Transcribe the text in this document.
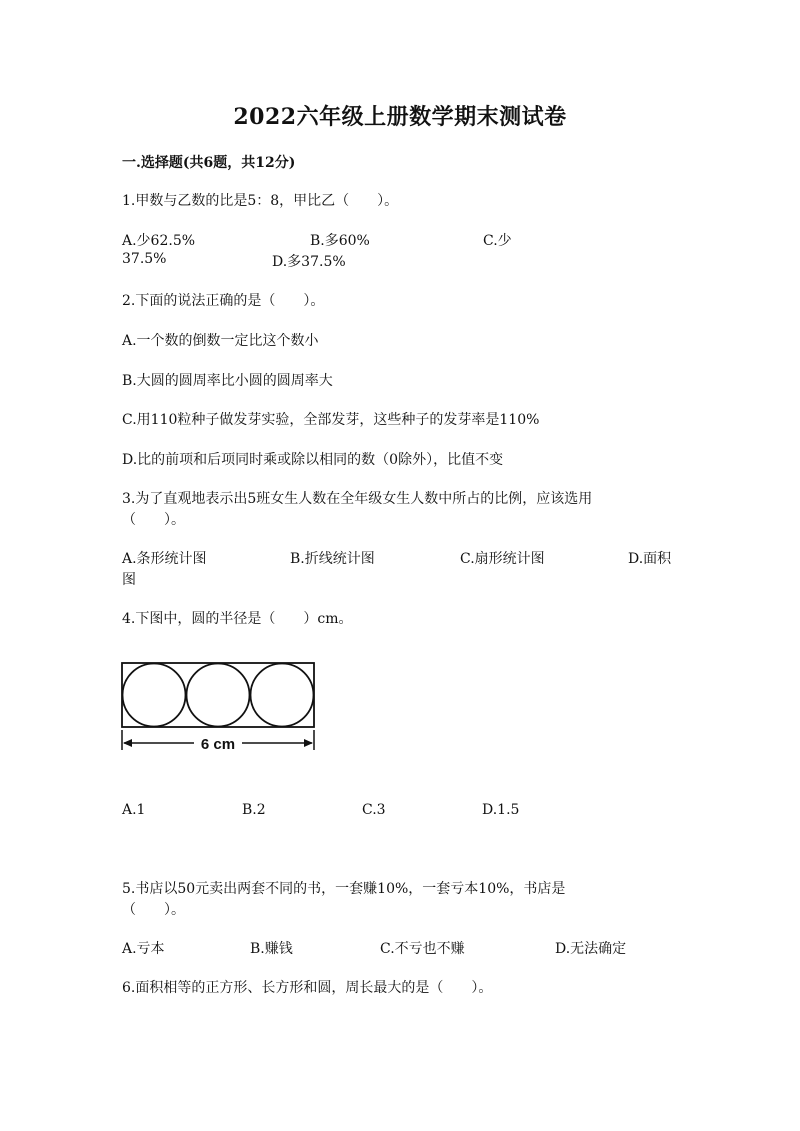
2022六年级上册数学期末测试卷
一.选择题(共6题，共12分)
1.甲数与乙数的比是5：8，甲比乙（　　）。
A.少62.5%	B.多60%	C.少
37.5%	D.多37.5%
2.下面的说法正确的是（　　）。
A.一个数的倒数一定比这个数小
B.大圆的圆周率比小圆的圆周率大
C.用110粒种子做发芽实验，全部发芽，这些种子的发芽率是110%
D.比的前项和后项同时乘或除以相同的数（0除外），比值不变
3.为了直观地表示出5班女生人数在全年级女生人数中所占的比例，应该选用
（　　）。
A.条形统计图	B.折线统计图	C.扇形统计图	D.面积
图
4.下图中，圆的半径是（　　）cm。
6 cm
A.1	B.2	C.3	D.1.5
5.书店以50元卖出两套不同的书，一套赚10%，一套亏本10%，书店是
（　　）。
A.亏本	B.赚钱	C.不亏也不赚	D.无法确定
6.面积相等的正方形、长方形和圆，周长最大的是（　　）。
